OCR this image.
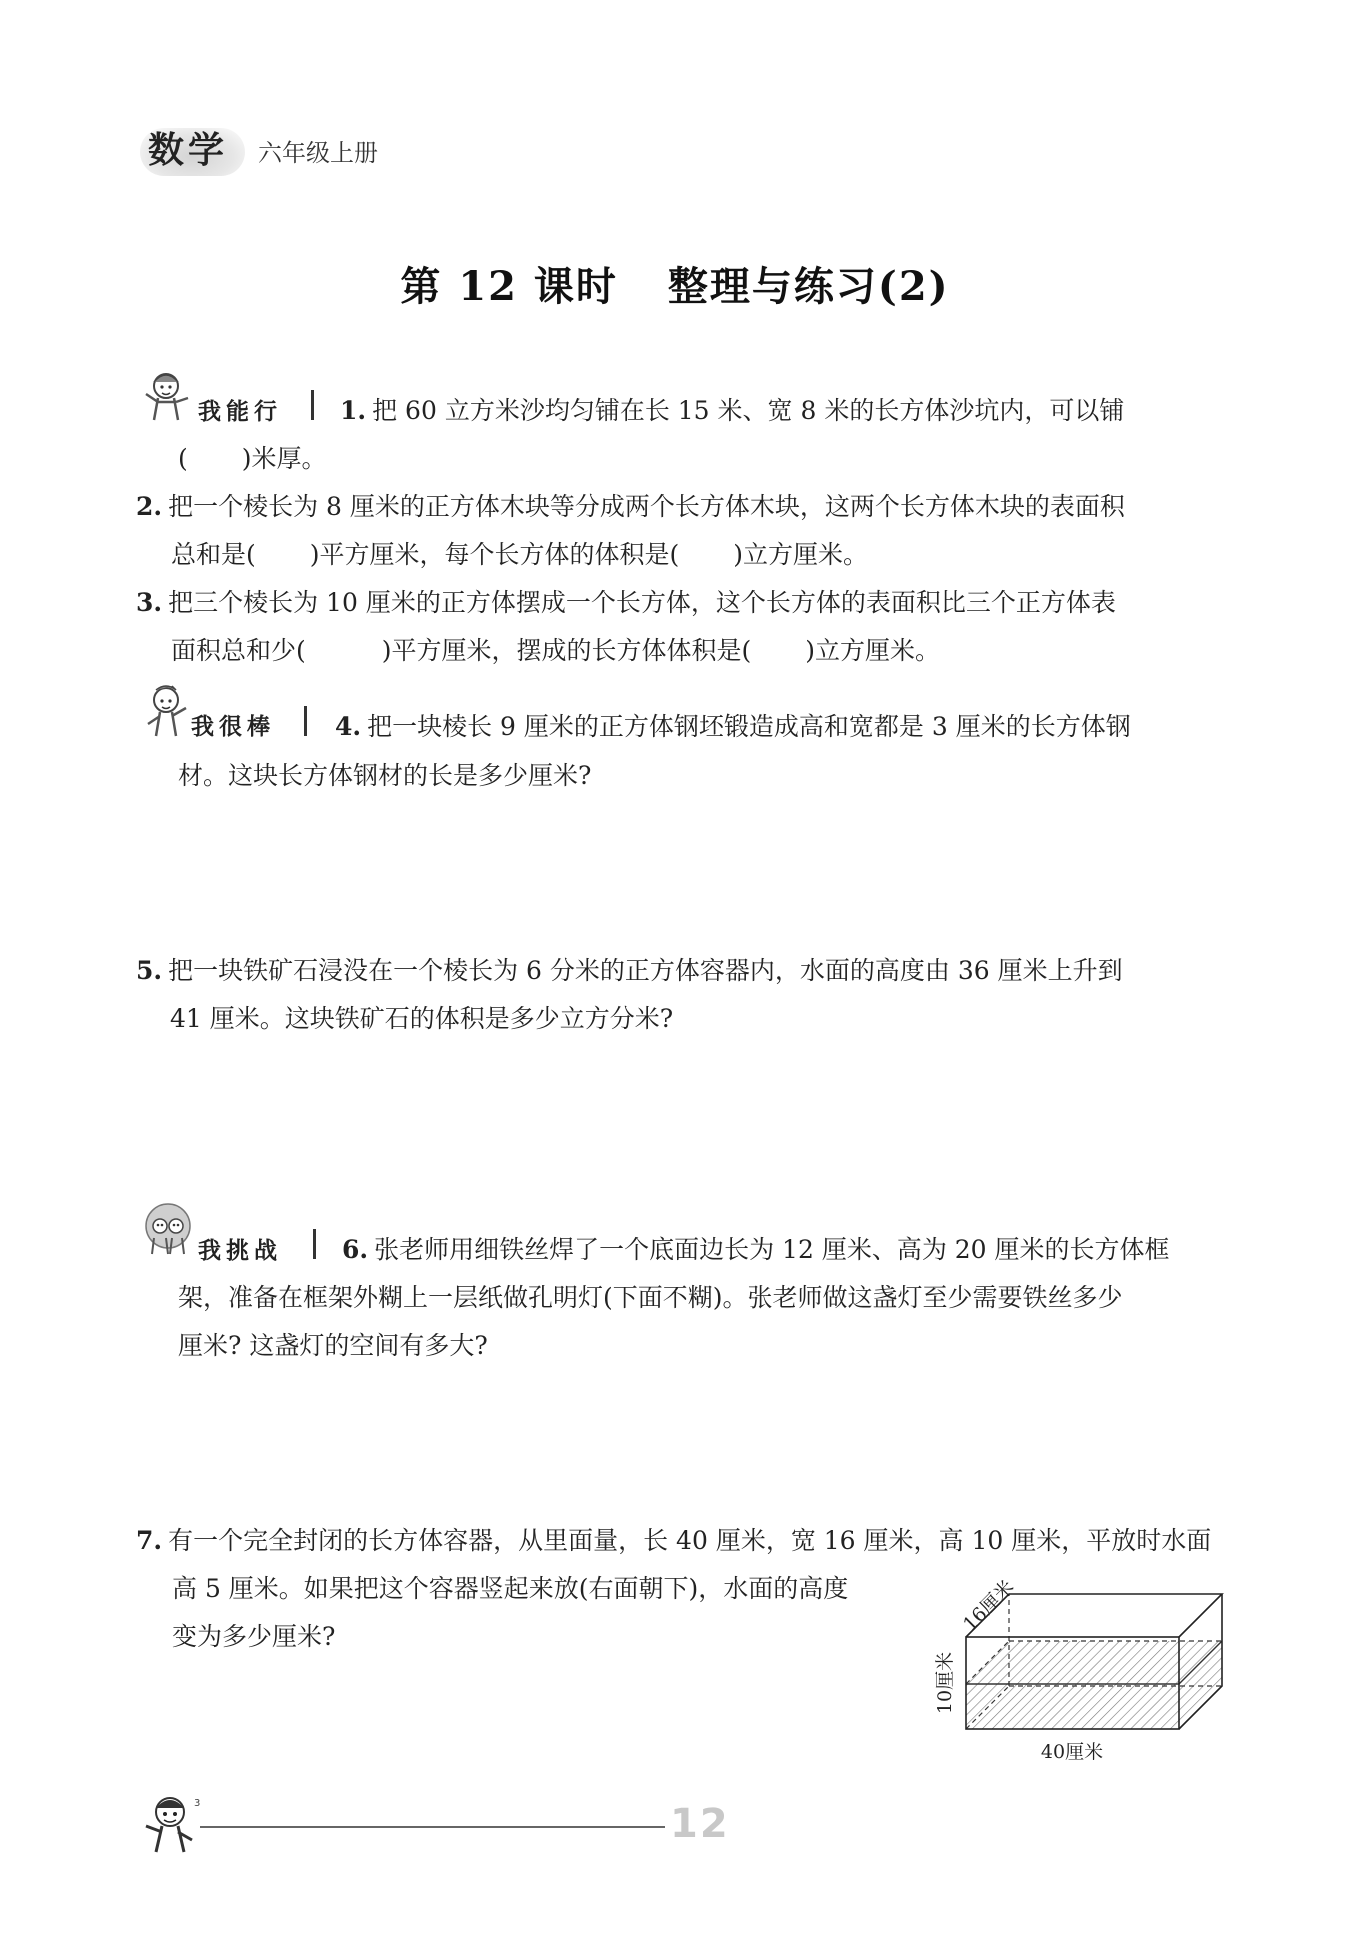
数学 六年级上册
第 12 课时 整理与练习(2)
我能行 1. 把 60 立方米沙均匀铺在长 15 米、宽 8 米的长方体沙坑内，可以铺
( )米厚。
2. 把一个棱长为 8 厘米的正方体木块等分成两个长方体木块，这两个长方体木块的表面积
总和是( )平方厘米，每个长方体的体积是( )立方厘米。
3. 把三个棱长为 10 厘米的正方体摆成一个长方体，这个长方体的表面积比三个正方体表
面积总和少(	)平方厘米，摆成的长方体体积是( )立方厘米。
我很棒 4. 把一块棱长 9 厘米的正方体钢坯锻造成高和宽都是 3 厘米的长方体钢
材。这块长方体钢材的长是多少厘米?
5. 把一块铁矿石浸没在一个棱长为 6 分米的正方体容器内，水面的高度由 36 厘米上升到
41 厘米。这块铁矿石的体积是多少立方分米?
我挑战 6. 张老师用细铁丝焊了一个底面边长为 12 厘米、高为 20 厘米的长方体框
架，准备在框架外糊上一层纸做孔明灯(下面不糊)。张老师做这盏灯至少需要铁丝多少
厘米? 这盏灯的空间有多大?
7. 有一个完全封闭的长方体容器，从里面量，长 40 厘米，宽 16 厘米，高 10 厘米，平放时水面
高 5 厘米。如果把这个容器竖起来放(右面朝下)，水面的高度
变为多少厘米?
16厘米
10厘米
40厘米
3	12
